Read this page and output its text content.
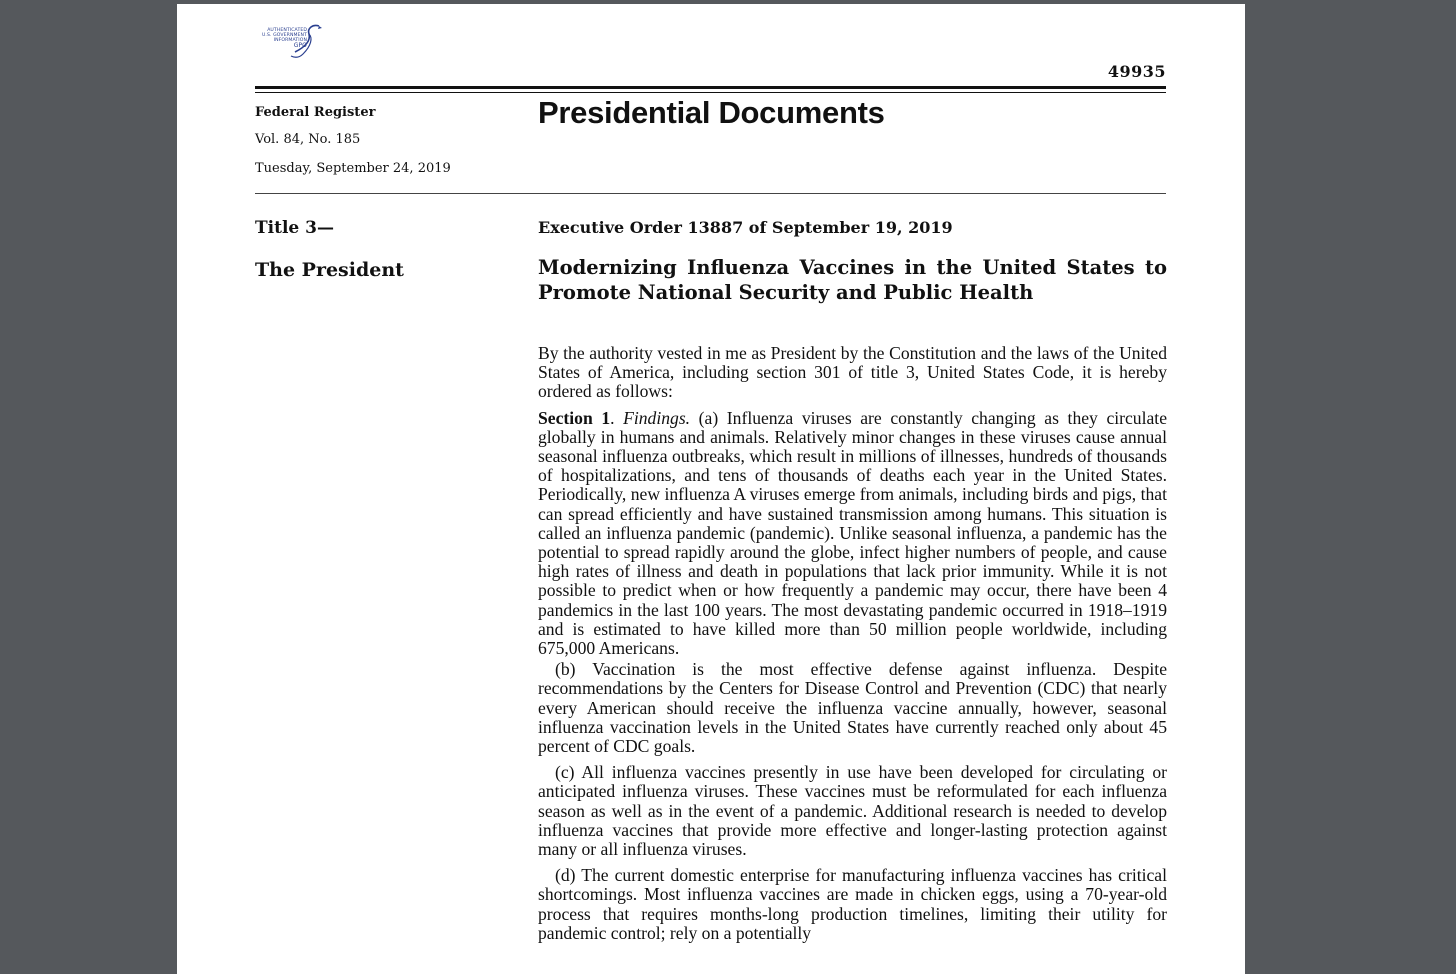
AUTHENTICATED
U.S. GOVERNMENT
INFORMATION
GPO
49935
Federal Register
Vol. 84, No. 185
Tuesday, September 24, 2019
Presidential Documents
Title 3—
The President
Executive Order 13887 of September 19, 2019
Modernizing Influenza Vaccines in the United States to Promote National Security and Public Health

By the authority vested in me as President by the Constitution and the laws of the United States of America, including section 301 of title 3, United States Code, it is hereby ordered as follows:

Section 1. Findings. (a) Influenza viruses are constantly changing as they circulate globally in humans and animals. Relatively minor changes in these viruses cause annual seasonal influenza outbreaks, which result in millions of illnesses, hundreds of thousands of hospitalizations, and tens of thousands of deaths each year in the United States. Periodically, new influenza A viruses emerge from animals, including birds and pigs, that can spread efficiently and have sustained transmission among humans. This situation is called an influenza pandemic (pandemic). Unlike seasonal influenza, a pandemic has the potential to spread rapidly around the globe, infect higher numbers of people, and cause high rates of illness and death in populations that lack prior immunity. While it is not possible to predict when or how frequently a pandemic may occur, there have been 4 pandemics in the last 100 years. The most devastating pandemic occurred in 1918–1919 and is estimated to have killed more than 50 million people worldwide, including 675,000 Americans.

(b) Vaccination is the most effective defense against influenza. Despite recommendations by the Centers for Disease Control and Prevention (CDC) that nearly every American should receive the influenza vaccine annually, however, seasonal influenza vaccination levels in the United States have currently reached only about 45 percent of CDC goals.

(c) All influenza vaccines presently in use have been developed for circulating or anticipated influenza viruses. These vaccines must be reformulated for each influenza season as well as in the event of a pandemic. Additional research is needed to develop influenza vaccines that provide more effective and longer-lasting protection against many or all influenza viruses.

(d) The current domestic enterprise for manufacturing influenza vaccines has critical shortcomings. Most influenza vaccines are made in chicken eggs, using a 70-year-old process that requires months-long production timelines, limiting their utility for pandemic control; rely on a potentially
